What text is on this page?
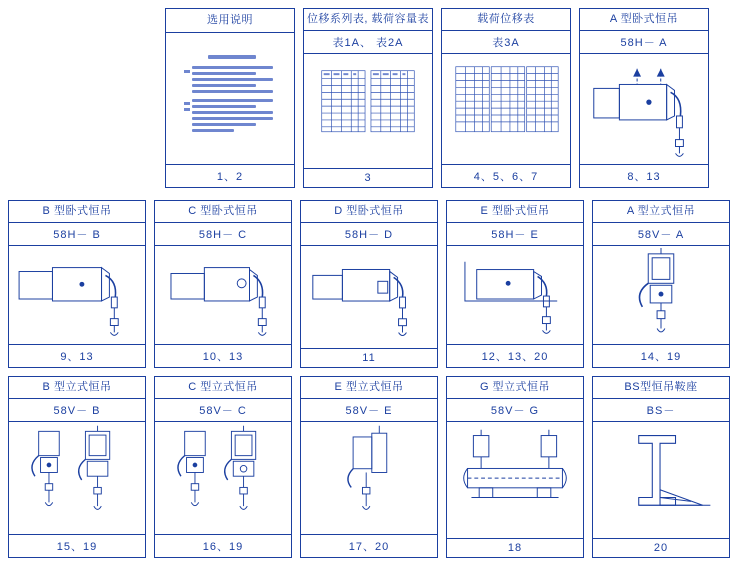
选用说明
1、2
位移系列表, 载荷容量表
表1A、 表2A
3
载荷位移表
表3A
4、5、6、7
A 型卧式恒吊
58H－ A
8、13
B 型卧式恒吊
58H－ B
9、13
C 型卧式恒吊
58H－ C
10、13
D 型卧式恒吊
58H－ D
11
E 型卧式恒吊
58H－ E
12、13、20
A 型立式恒吊
58V－ A
14、19
B 型立式恒吊
58V－ B
15、19
C 型立式恒吊
58V－ C
16、19
E 型立式恒吊
58V－ E
17、20
G 型立式恒吊
58V－ G
18
BS型恒吊鞍座
BS－
20
